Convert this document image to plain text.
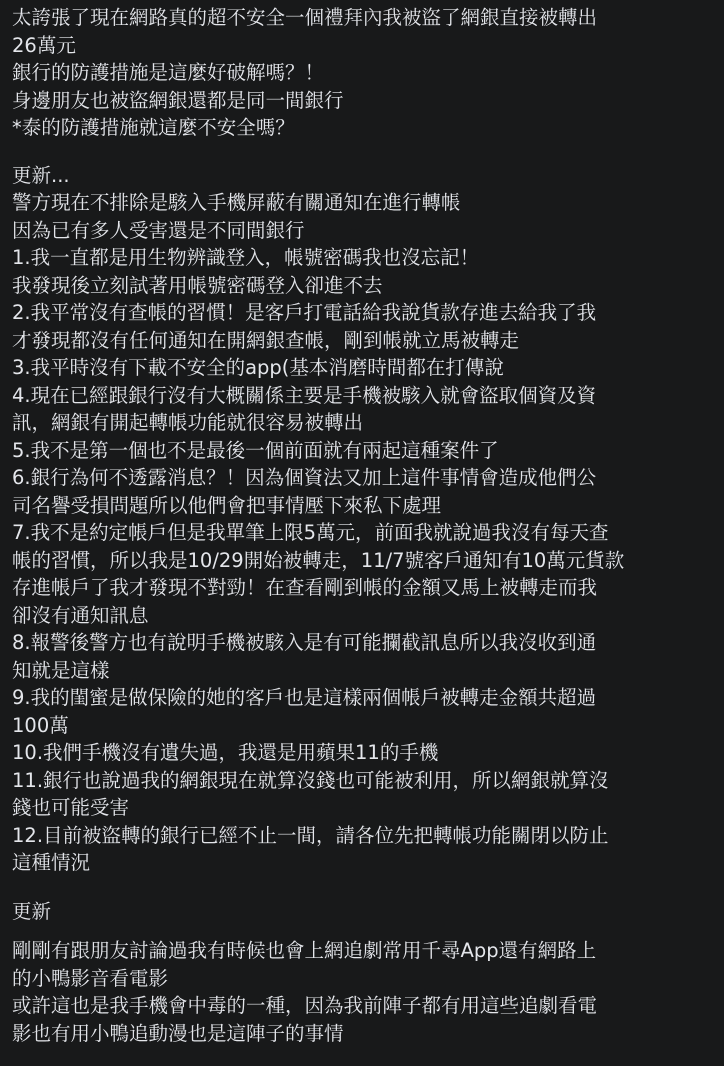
太誇張了現在網路真的超不安全一個禮拜內我被盜了網銀直接被轉出
26萬元
銀行的防護措施是這麼好破解嗎？！
身邊朋友也被盜網銀還都是同一間銀行
*泰的防護措施就這麼不安全嗎？
更新...
警方現在不排除是駭入手機屏蔽有關通知在進行轉帳
因為已有多人受害還是不同間銀行
1.我一直都是用生物辨識登入，帳號密碼我也沒忘記！
我發現後立刻試著用帳號密碼登入卻進不去
2.我平常沒有查帳的習慣！是客戶打電話給我說貨款存進去給我了我
才發現都沒有任何通知在開網銀查帳，剛到帳就立馬被轉走
3.我平時沒有下載不安全的app(基本消磨時間都在打傳說
4.現在已經跟銀行沒有大概關係主要是手機被駭入就會盜取個資及資
訊，網銀有開起轉帳功能就很容易被轉出
5.我不是第一個也不是最後一個前面就有兩起這種案件了
6.銀行為何不透露消息？！因為個資法又加上這件事情會造成他們公
司名譽受損問題所以他們會把事情壓下來私下處理
7.我不是約定帳戶但是我單筆上限5萬元，前面我就說過我沒有每天查
帳的習慣，所以我是10/29開始被轉走，11/7號客戶通知有10萬元貨款
存進帳戶了我才發現不對勁！在查看剛到帳的金額又馬上被轉走而我
卻沒有通知訊息
8.報警後警方也有說明手機被駭入是有可能攔截訊息所以我沒收到通
知就是這樣
9.我的閨蜜是做保險的她的客戶也是這樣兩個帳戶被轉走金額共超過
100萬
10.我們手機沒有遺失過，我還是用蘋果11的手機
11.銀行也說過我的網銀現在就算沒錢也可能被利用，所以網銀就算沒
錢也可能受害
12.目前被盜轉的銀行已經不止一間，請各位先把轉帳功能關閉以防止
這種情況
更新
剛剛有跟朋友討論過我有時候也會上網追劇常用千尋App還有網路上
的小鴨影音看電影
或許這也是我手機會中毒的一種，因為我前陣子都有用這些追劇看電
影也有用小鴨追動漫也是這陣子的事情
